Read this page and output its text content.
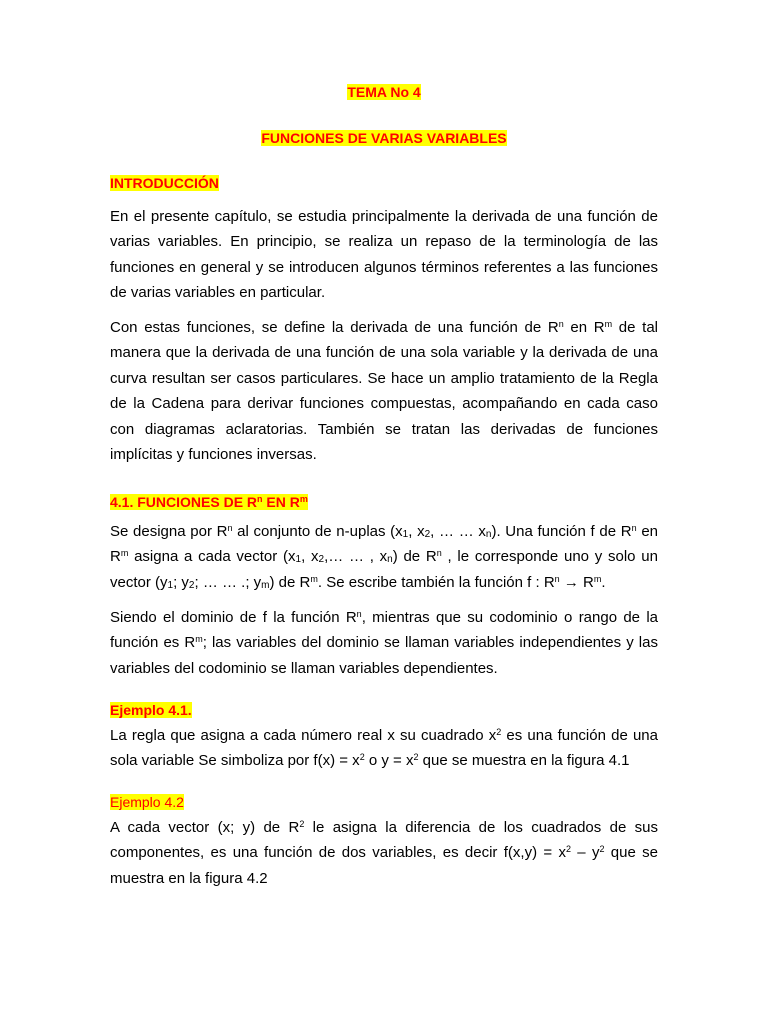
TEMA No 4
FUNCIONES DE VARIAS VARIABLES
INTRODUCCIÓN

En el presente capítulo, se estudia principalmente la derivada de una función de varias variables. En principio, se realiza un repaso de la terminología de las funciones en general y se introducen algunos términos referentes a las funciones de varias variables en particular.

Con estas funciones, se define la derivada de una función de $R^n$ en $R^m$ de tal manera que la derivada de una función de una sola variable y la derivada de una curva resultan ser casos particulares. Se hace un amplio tratamiento de la Regla de la Cadena para derivar funciones compuestas, acompañando en cada caso con diagramas aclaratorias. También se tratan las derivadas de funciones implícitas y funciones inversas.

4.1. FUNCIONES DE $R^n$ EN $R^m$

Se designa por $R^n$ al conjunto de n-uplas ($x_1$, $x_2$, … … $x_n$). Una función f de $R^n$ en $R^m$ asigna a cada vector ($x_1$, $x_2,\dots$ … , $x_n$) de $R^n$ , le corresponde uno y solo un vector ($y_1$; $y_2$; … … .; $y_m$) de $R^m$. Se escribe también la función f : $R^n \to R^m$.

Siendo el dominio de f la función $R^n$, mientras que su codominio o rango de la función es $R^m$; las variables del dominio se llaman variables independientes y las variables del codominio se llaman variables dependientes.

Ejemplo 4.1.

La regla que asigna a cada número real x su cuadrado $x^2$ es una función de una sola variable Se simboliza por $f(x) = x^2$ o $y = x^2$ que se muestra en la figura 4.1

Ejemplo 4.2

A cada vector (x; y) de $R^2$ le asigna la diferencia de los cuadrados de sus componentes, es una función de dos variables, es decir $f(x,y) = x^2 - y^2$ que se muestra en la figura 4.2
